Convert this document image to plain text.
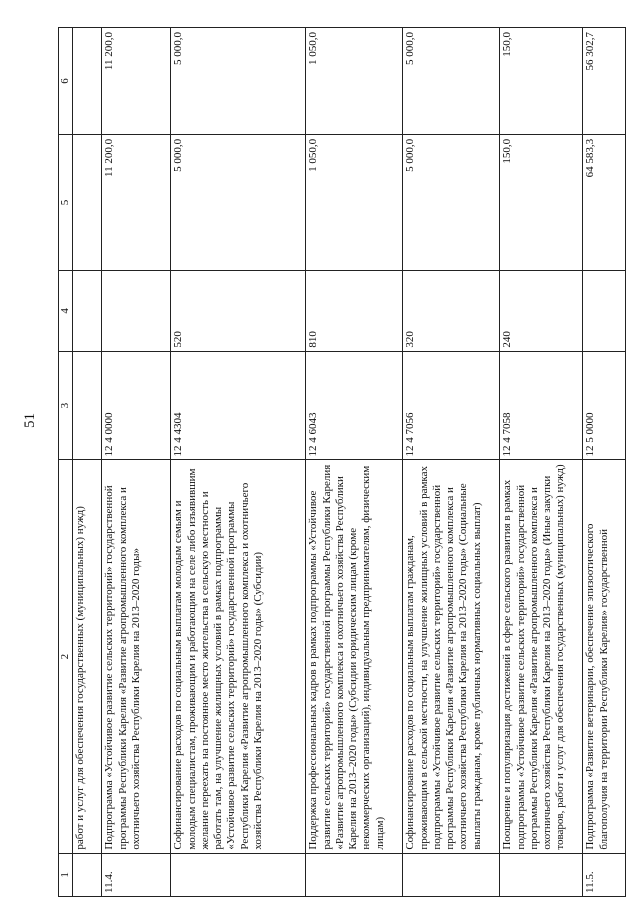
51
1	2	3	4	5	6
	работ и услуг для обеспечения государственных (муниципальных) нужд)				
11.4.	Подпрограмма «Устойчивое развитие сельских территорий» государственной программы Республики Карелия «Развитие агропромышленного комплекса и охотничьего хозяйства Республики Карелия на 2013–2020 годы»	12 4 0000		11 200,0	11 200,0
	Софинансирование расходов по социальным выплатам молодым семьям и молодым специалистам, проживающим и работающим на селе либо изъявившим желание переехать на постоянное место жительства в сельскую местность и работать там, на улучшение жилищных условий в рамках подпрограммы «Устойчивое развитие сельских территорий» государственной программы Республики Карелия «Развитие агропромышленного комплекса и охотничьего хозяйства Республики Карелия на 2013–2020 годы» (Субсидии)	12 4 4304	520	5 000,0	5 000,0
	Поддержка профессиональных кадров в рамках подпрограммы «Устойчивое развитие сельских территорий» государственной программы Республики Карелия «Развитие агропромышленного комплекса и охотничьего хозяйства Республики Карелия на 2013–2020 годы» (Субсидии юридическим лицам (кроме некоммерческих организаций), индивидуальным предпринимателям, физическим лицам)	12 4 6043	810	1 050,0	1 050,0
	Софинансирование расходов по социальным выплатам гражданам, проживающим в сельской местности, на улучшение жилищных условий в рамках подпрограммы «Устойчивое развитие сельских территорий» государственной программы Республики Карелия «Развитие агропромышленного комплекса и охотничьего хозяйства Республики Карелия на 2013–2020 годы» (Социальные выплаты гражданам, кроме публичных нормативных социальных выплат)	12 4 7056	320	5 000,0	5 000,0
	Поощрение и популяризация достижений в сфере сельского развития в рамках подпрограммы «Устойчивое развитие сельских территорий» государственной программы Республики Карелия «Развитие агропромышленного комплекса и охотничьего хозяйства Республики Карелия на 2013–2020 годы» (Иные закупки товаров, работ и услуг для обеспечения государственных (муниципальных) нужд)	12 4 7058	240	150,0	150,0
11.5.	Подпрограмма «Развитие ветеринарии, обеспечение эпизоотического благополучия на территории Республики Карелия» государственной	12 5 0000		64 583,3	56 302,7
